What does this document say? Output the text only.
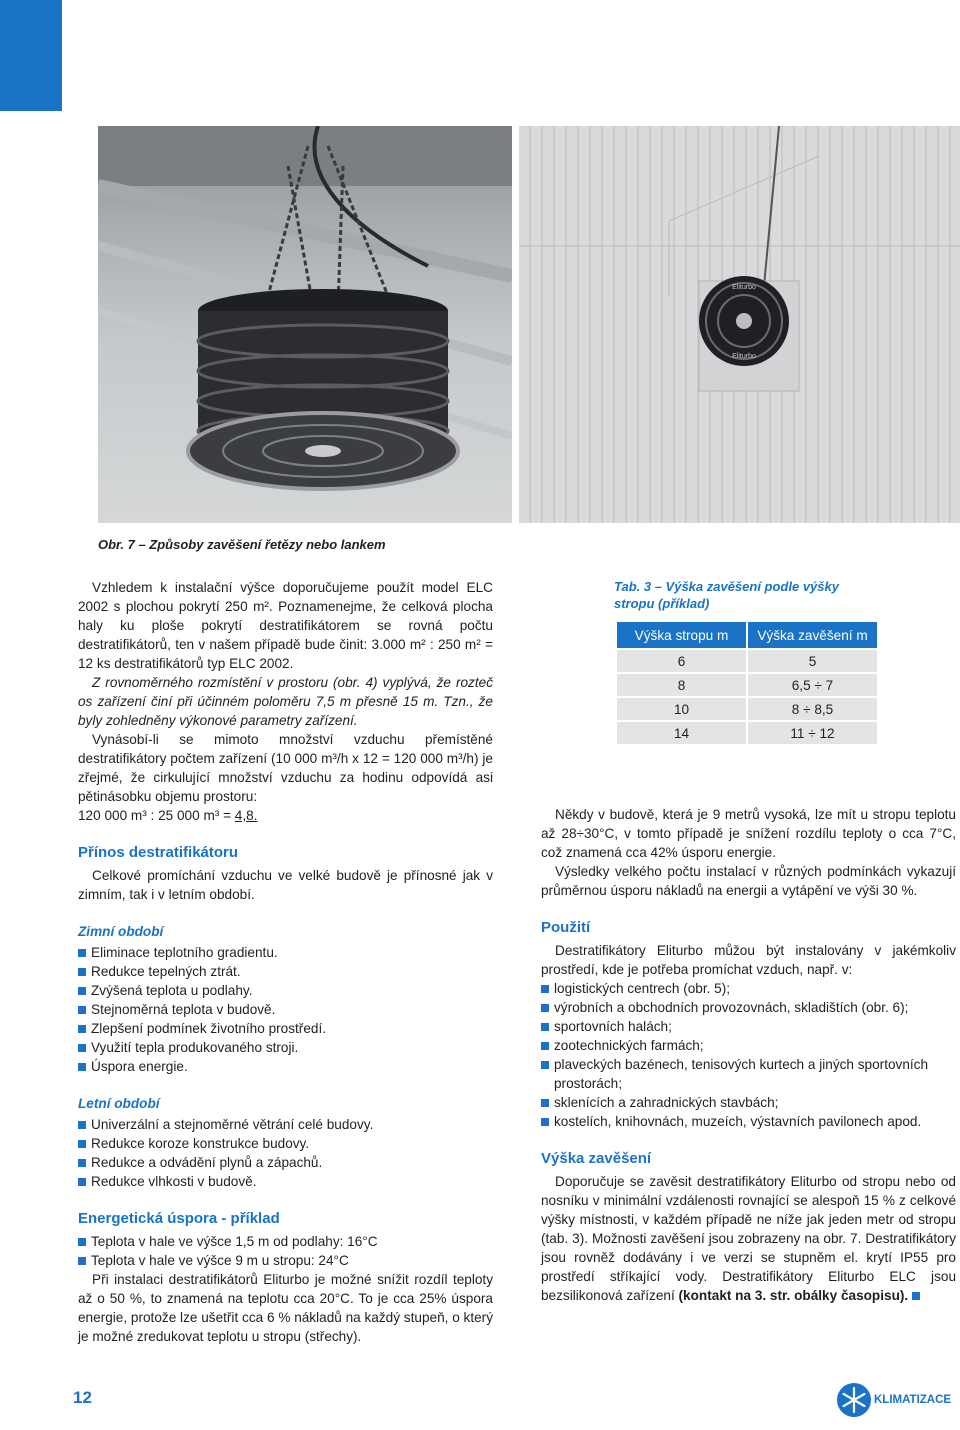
Eliturbo
Eliturbo
Obr. 7 – Způsoby zavěšení řetězy nebo lankem

Vzhledem k instalační výšce doporučujeme použít model ELC 2002 s plochou pokrytí 250 m². Poznamenejme, že celková plocha haly ku ploše pokrytí destratifikátorem se rovná počtu destratifikátorů, ten v našem případě bude činit: 3.000 m² : 250 m² = 12 ks destratifikátorů typ ELC 2002.

Z rovnoměrného rozmístění v prostoru (obr. 4) vyplývá, že rozteč os zařízení činí při účinném poloměru 7,5 m přesně 15 m. Tzn., že byly zohledněny výkonové parametry zařízení.

Vynásobí-li se mimoto množství vzduchu přemístěné destratifikátory počtem zařízení (10 000 m³/h x 12 = 120 000 m³/h) je zřejmé, že cirkulující množství vzduchu za hodinu odpovídá asi pětinásobku objemu prostoru:
120 000 m³ : 25 000 m³ = 4,8.

Přínos destratifikátoru

Celkové promíchání vzduchu ve velké budově je přínosné jak v zimním, tak i v letním období.

Zimní období
Eliminace teplotního gradientu.
Redukce tepelných ztrát.
Zvýšená teplota u podlahy.
Stejnoměrná teplota v budově.
Zlepšení podmínek životního prostředí.
Využití tepla produkovaného stroji.
Úspora energie.
Letní období
Univerzální a stejnoměrné větrání celé budovy.
Redukce koroze konstrukce budovy.
Redukce a odvádění plynů a zápachů.
Redukce vlhkosti v budově.
Energetická úspora - příklad
Teplota v hale ve výšce 1,5 m od podlahy: 16°C
Teplota v hale ve výšce 9 m u stropu: 24°C

Při instalaci destratifikátorů Eliturbo je možné snížit rozdíl teploty až o 50 %, to znamená na teplotu cca 20°C. To je cca 25% úspora energie, protože lze ušetřit cca 6 % nákladů na každý stupeň, o který je možné zredukovat teplotu u stropu (střechy).

Tab. 3 – Výška zavěšení podle výšky stropu (příklad)
Výška stropu m	Výška zavěšení m
6	5
8	6,5 ÷ 7
10	8 ÷ 8,5
14	11 ÷ 12

Někdy v budově, která je 9 metrů vysoká, lze mít u stropu teplotu až 28÷30°C, v tomto případě je snížení rozdílu teploty o cca 7°C, což znamená cca 42% úsporu energie.

Výsledky velkého počtu instalací v různých podmínkách vykazují průměrnou úsporu nákladů na energii a vytápění ve výši 30 %.

Použití

Destratifikátory Eliturbo můžou být instalovány v jakémkoliv prostředí, kde je potřeba promíchat vzduch, např. v:

logistických centrech (obr. 5);
výrobních a obchodních provozovnách, skladištích (obr. 6);
sportovních halách;
zootechnických farmách;
plaveckých bazénech, tenisových kurtech a jiných sportovních prostorách;
sklenících a zahradnických stavbách;
kostelích, knihovnách, muzeích, výstavních pavilonech apod.
Výška zavěšení

Doporučuje se zavěsit destratifikátory Eliturbo od stropu nebo od nosníku v minimální vzdálenosti rovnající se alespoň 15 % z celkové výšky místnosti, v každém případě ne níže jak jeden metr od stropu (tab. 3). Možnosti zavěšení jsou zobrazeny na obr. 7. Destratifikátory jsou rovněž dodávány i ve verzi se stupněm el. krytí IP55 pro prostředí stříkající vody. Destratifikátory Eliturbo ELC jsou bezsilikonová zařízení (kontakt na 3. str. obálky časopisu).

12	KLIMATIZACE
